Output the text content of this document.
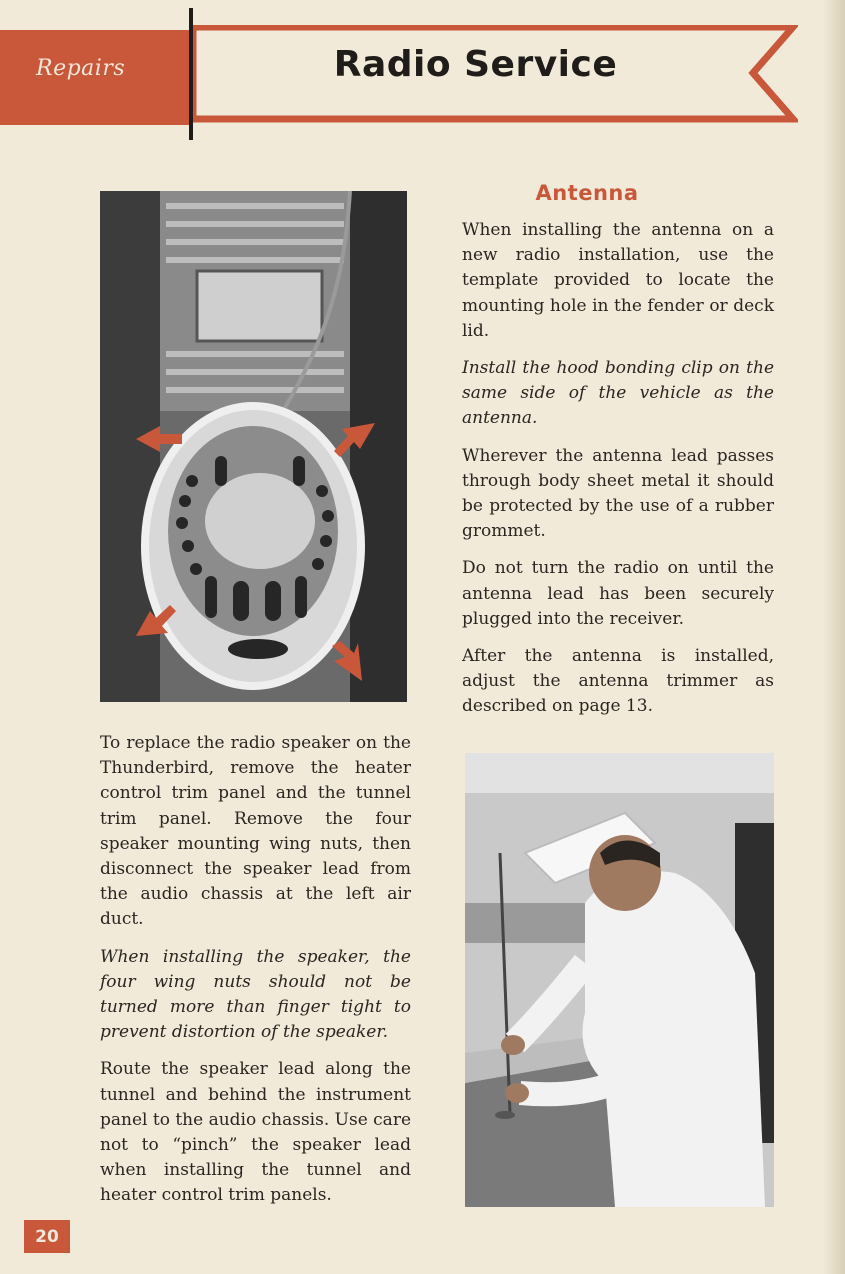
Repairs	Radio Service

To replace the radio speaker on the Thunderbird, remove the heater control trim panel and the tunnel trim panel. Remove the four speaker mounting wing nuts, then disconnect the speaker lead from the audio chassis at the left air duct.

When installing the speaker, the four wing nuts should not be turned more than finger tight to prevent distortion of the speaker.

Route the speaker lead along the tunnel and behind the instrument panel to the audio chassis. Use care not to “pinch” the speaker lead when installing the tunnel and heater control trim panels.

Antenna

When installing the antenna on a new radio installation, use the template provided to locate the mounting hole in the fender or deck lid.

Install the hood bonding clip on the same side of the vehicle as the antenna.

Wherever the antenna lead passes through body sheet metal it should be protected by the use of a rubber grommet.

Do not turn the radio on until the antenna lead has been securely plugged into the receiver.

After the antenna is installed, adjust the antenna trimmer as described on page 13.

20
